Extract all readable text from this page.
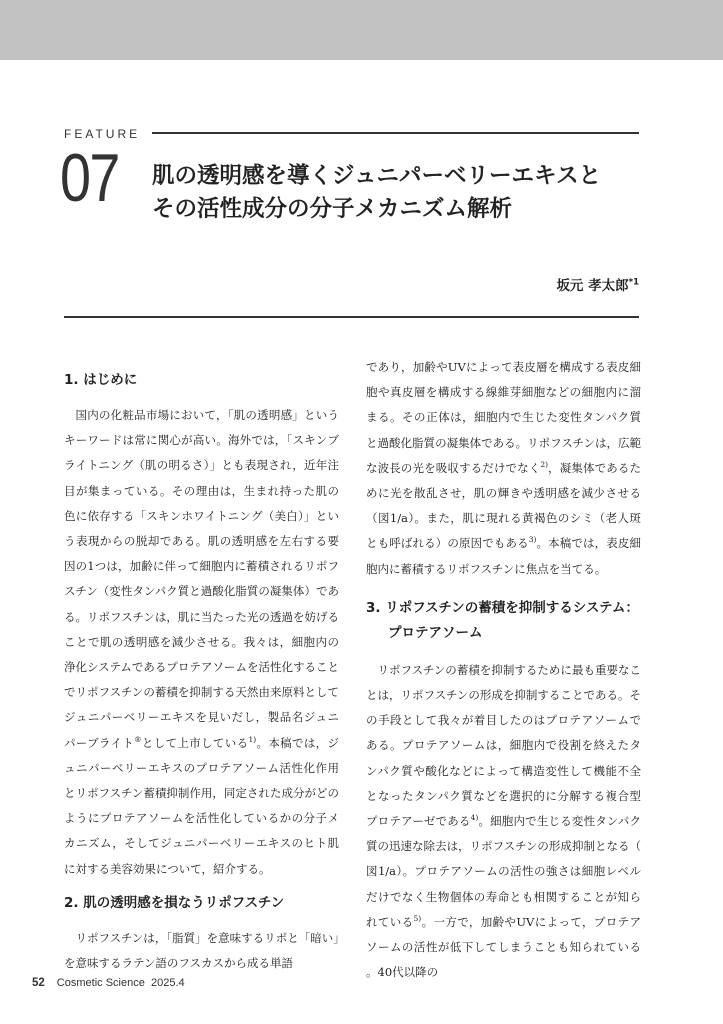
FEATURE
07 肌の透明感を導くジュニパーベリーエキスと
その活性成分の分子メカニズム解析
坂元 孝太郎$^{*1}$
1. はじめに

国内の化粧品市場において，「肌の透明感」というキーワードは常に関心が高い。海外では，「スキンブライトニング（肌の明るさ）」とも表現され，近年注目が集まっている。その理由は，生まれ持った肌の色に依存する「スキンホワイトニング（美白）」という表現からの脱却である。肌の透明感を左右する要因の1つは，加齢に伴って細胞内に蓄積されるリポフスチン（変性タンパク質と過酸化脂質の凝集体）である。リポフスチンは，肌に当たった光の透過を妨げることで肌の透明感を減少させる。我々は，細胞内の浄化システムであるプロテアソームを活性化することでリポフスチンの蓄積を抑制する天然由来原料としてジュニパーベリーエキスを見いだし，製品名ジュニパーブライト®として上市している$^{1)}$。本稿では，ジュニパーベリーエキスのプロテアソーム活性化作用とリポフスチン蓄積抑制作用，同定された成分がどのようにプロテアソームを活性化しているかの分子メカニズム，そしてジュニパーベリーエキスのヒト肌に対する美容効果について，紹介する。

2. 肌の透明感を損なうリポフスチン

リポフスチンは，「脂質」を意味するリポと「暗い」を意味するラテン語のフスカスから成る単語

であり，加齢やUVによって表皮層を構成する表皮細胞や真皮層を構成する線維芽細胞などの細胞内に溜まる。その正体は，細胞内で生じた変性タンパク質と過酸化脂質の凝集体である。リポフスチンは，広範な波長の光を吸収するだけでなく$^{2)}$，凝集体であるために光を散乱させ，肌の輝きや透明感を減少させる（図1/a）。また，肌に現れる黄褐色のシミ（老人斑とも呼ばれる）の原因でもある$^{3)}$。本稿では，表皮細胞内に蓄積するリポフスチンに焦点を当てる。

3. リポフスチンの蓄積を抑制するシステム：プロテアソーム

リポフスチンの蓄積を抑制するために最も重要なことは，リポフスチンの形成を抑制することである。その手段として我々が着目したのはプロテアソームである。プロテアソームは，細胞内で役割を終えたタンパク質や酸化などによって構造変性して機能不全となったタンパク質などを選択的に分解する複合型プロテアーゼである$^{4)}$。細胞内で生じる変性タンパク質の迅速な除去は，リポフスチンの形成抑制となる（図1/a）。プロテアソームの活性の強さは細胞レベルだけでなく生物個体の寿命とも相関することが知られている$^{5)}$。一方で，加齢やUVによって，プロテアソームの活性が低下してしまうことも知られている。40代以降の

52 Cosmetic Science 2025.4
